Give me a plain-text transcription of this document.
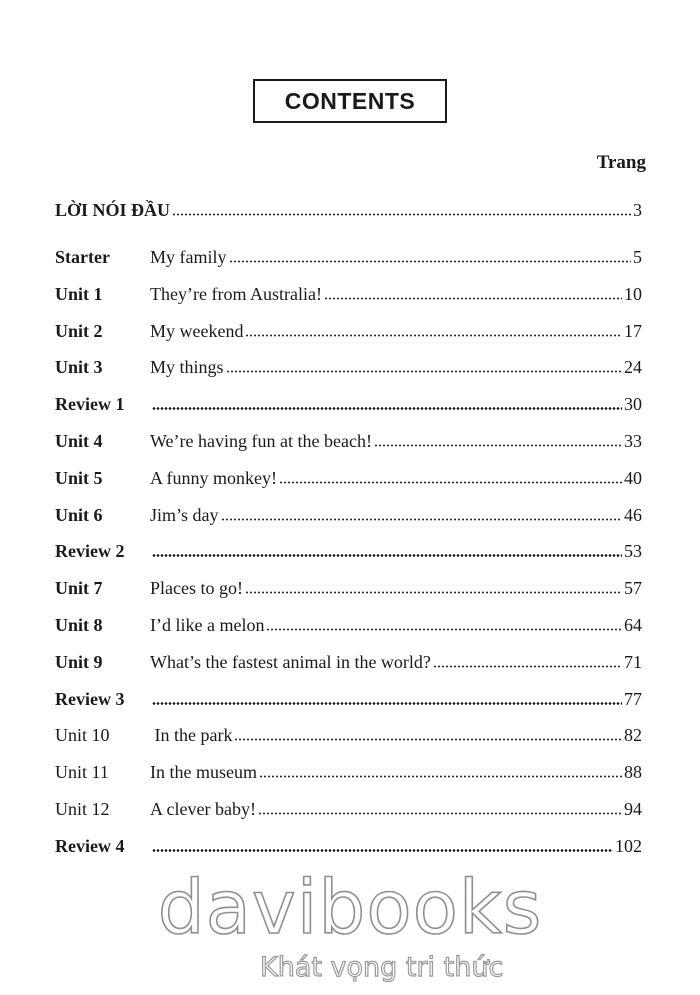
CONTENTS
Trang
LỜI NÓI ĐẦU	3
Starter	My family	5
Unit 1	They’re from Australia!	10
Unit 2	My weekend	17
Unit 3	My things	24
Review 1	30
Unit 4	We’re having fun at the beach!	33
Unit 5	A funny monkey!	40
Unit 6	Jim’s day	46
Review 2	53
Unit 7	Places to go!	57
Unit 8	I’d like a melon	64
Unit 9	What’s the fastest animal in the world?	71
Review 3	77
Unit 10	In the park	82
Unit 11	In the museum	88
Unit 12	A clever baby!	94
Review 4	102
davibooks
Khát vọng tri thức
